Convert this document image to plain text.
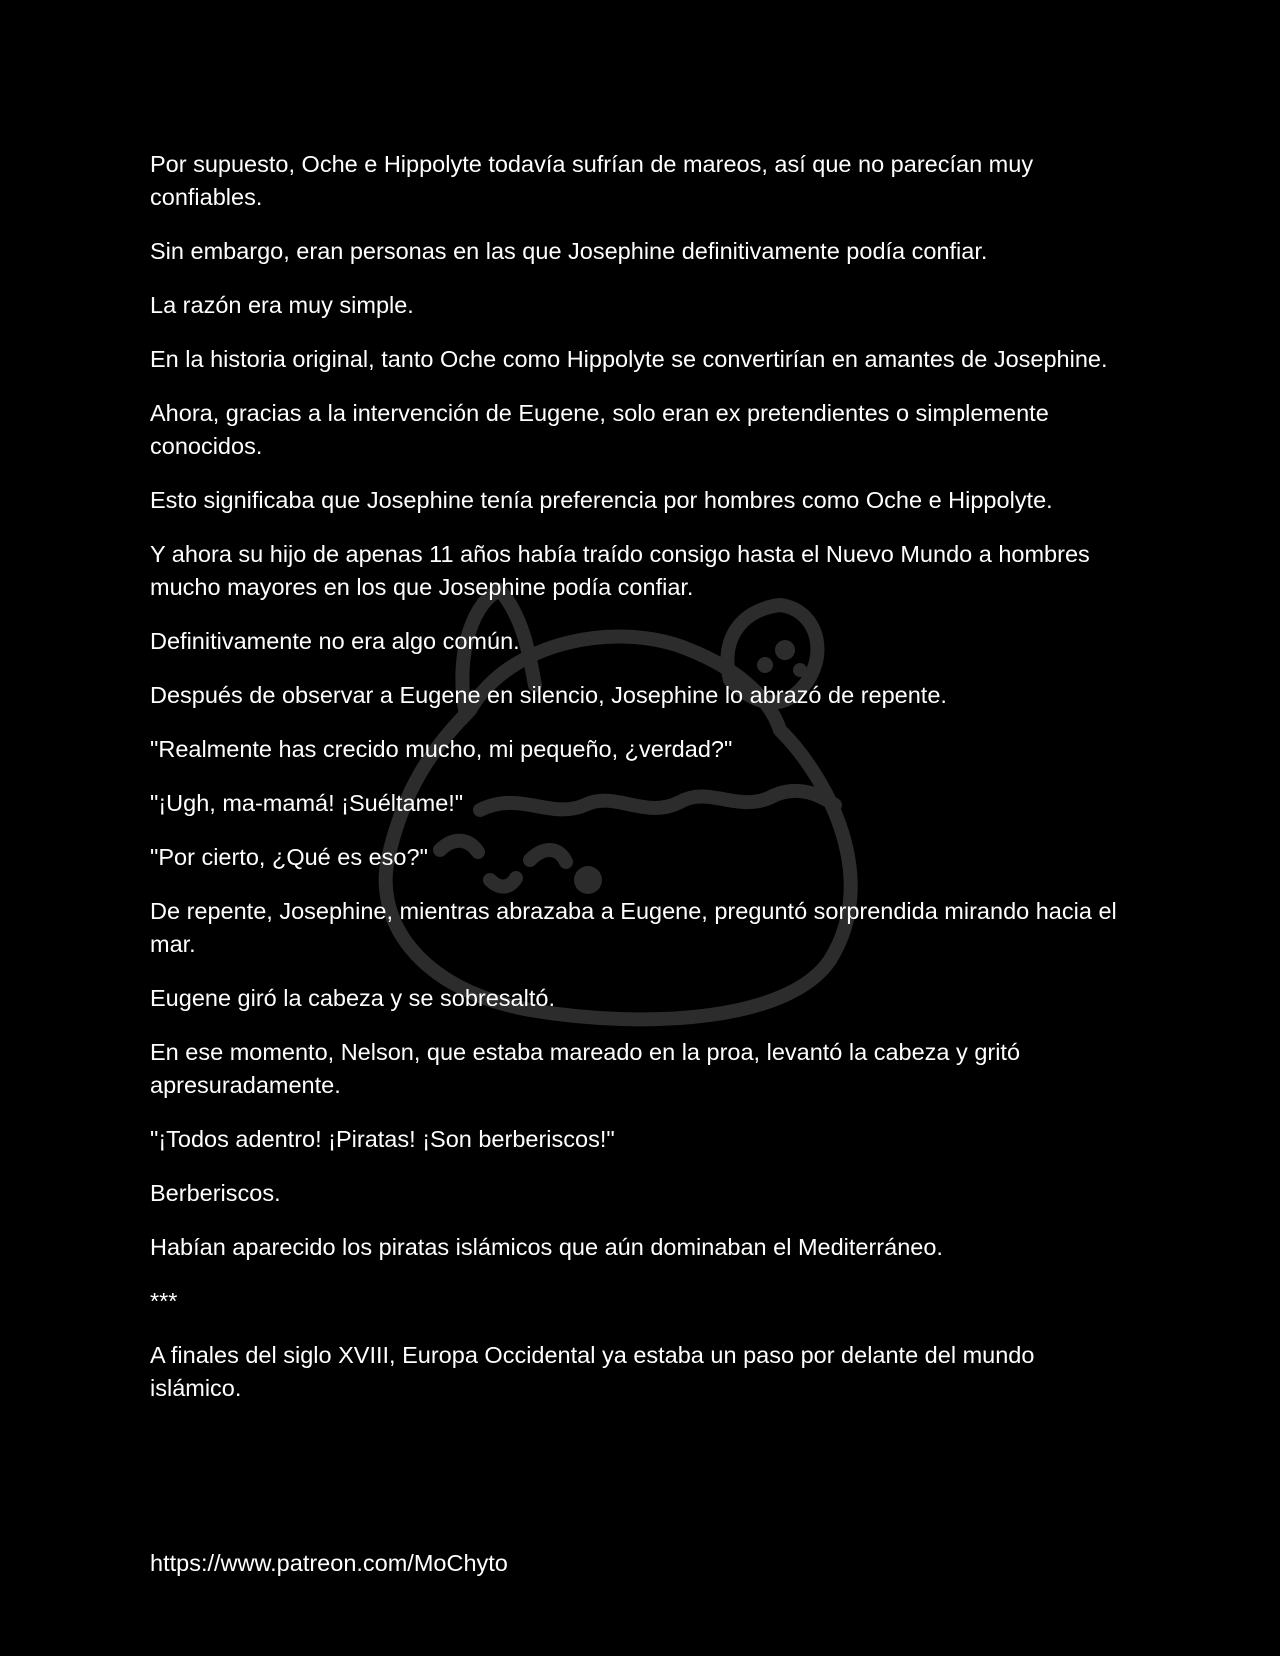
Por supuesto, Oche e Hippolyte todavía sufrían de mareos, así que no parecían muy confiables.

Sin embargo, eran personas en las que Josephine definitivamente podía confiar.

La razón era muy simple.

En la historia original, tanto Oche como Hippolyte se convertirían en amantes de Josephine.

Ahora, gracias a la intervención de Eugene, solo eran ex pretendientes o simplemente conocidos.

Esto significaba que Josephine tenía preferencia por hombres como Oche e Hippolyte.

Y ahora su hijo de apenas 11 años había traído consigo hasta el Nuevo Mundo a hombres mucho mayores en los que Josephine podía confiar.

Definitivamente no era algo común.

Después de observar a Eugene en silencio, Josephine lo abrazó de repente.

"Realmente has crecido mucho, mi pequeño, ¿verdad?"

"¡Ugh, ma-mamá! ¡Suéltame!"

"Por cierto, ¿Qué es eso?"

De repente, Josephine, mientras abrazaba a Eugene, preguntó sorprendida mirando hacia el mar.

Eugene giró la cabeza y se sobresaltó.

En ese momento, Nelson, que estaba mareado en la proa, levantó la cabeza y gritó apresuradamente.

"¡Todos adentro! ¡Piratas! ¡Son berberiscos!"

Berberiscos.

Habían aparecido los piratas islámicos que aún dominaban el Mediterráneo.

***

A finales del siglo XVIII, Europa Occidental ya estaba un paso por delante del mundo islámico.

https://www.patreon.com/MoChyto
